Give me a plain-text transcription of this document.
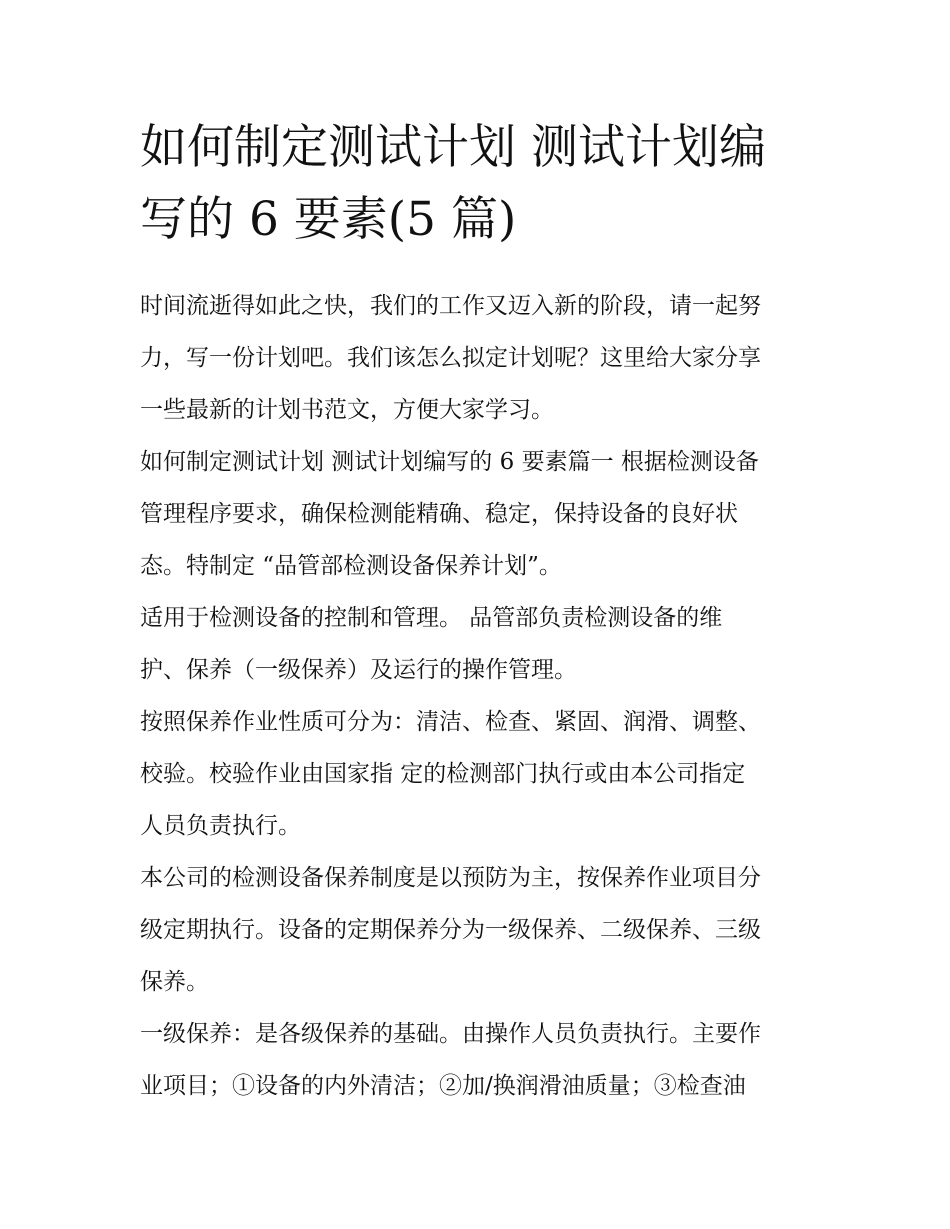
如何制定测试计划 测试计划编
写的 6 要素(5 篇)

时间流逝得如此之快，我们的工作又迈入新的阶段，请一起努
力，写一份计划吧。我们该怎么拟定计划呢？这里给大家分享
一些最新的计划书范文，方便大家学习。

如何制定测试计划 测试计划编写的 6 要素篇一 根据检测设备
管理程序要求，确保检测能精确、稳定，保持设备的良好状
态。特制定 “品管部检测设备保养计划”。

适用于检测设备的控制和管理。 品管部负责检测设备的维
护、保养（一级保养）及运行的操作管理。

按照保养作业性质可分为：清洁、检查、紧固、润滑、调整、
校验。校验作业由国家指 定的检测部门执行或由本公司指定
人员负责执行。

本公司的检测设备保养制度是以预防为主，按保养作业项目分
级定期执行。设备的定期保养分为一级保养、二级保养、三级
保养。

一级保养：是各级保养的基础。由操作人员负责执行。主要作
业项目；①设备的内外清洁；②加/换润滑油质量；③检查油
